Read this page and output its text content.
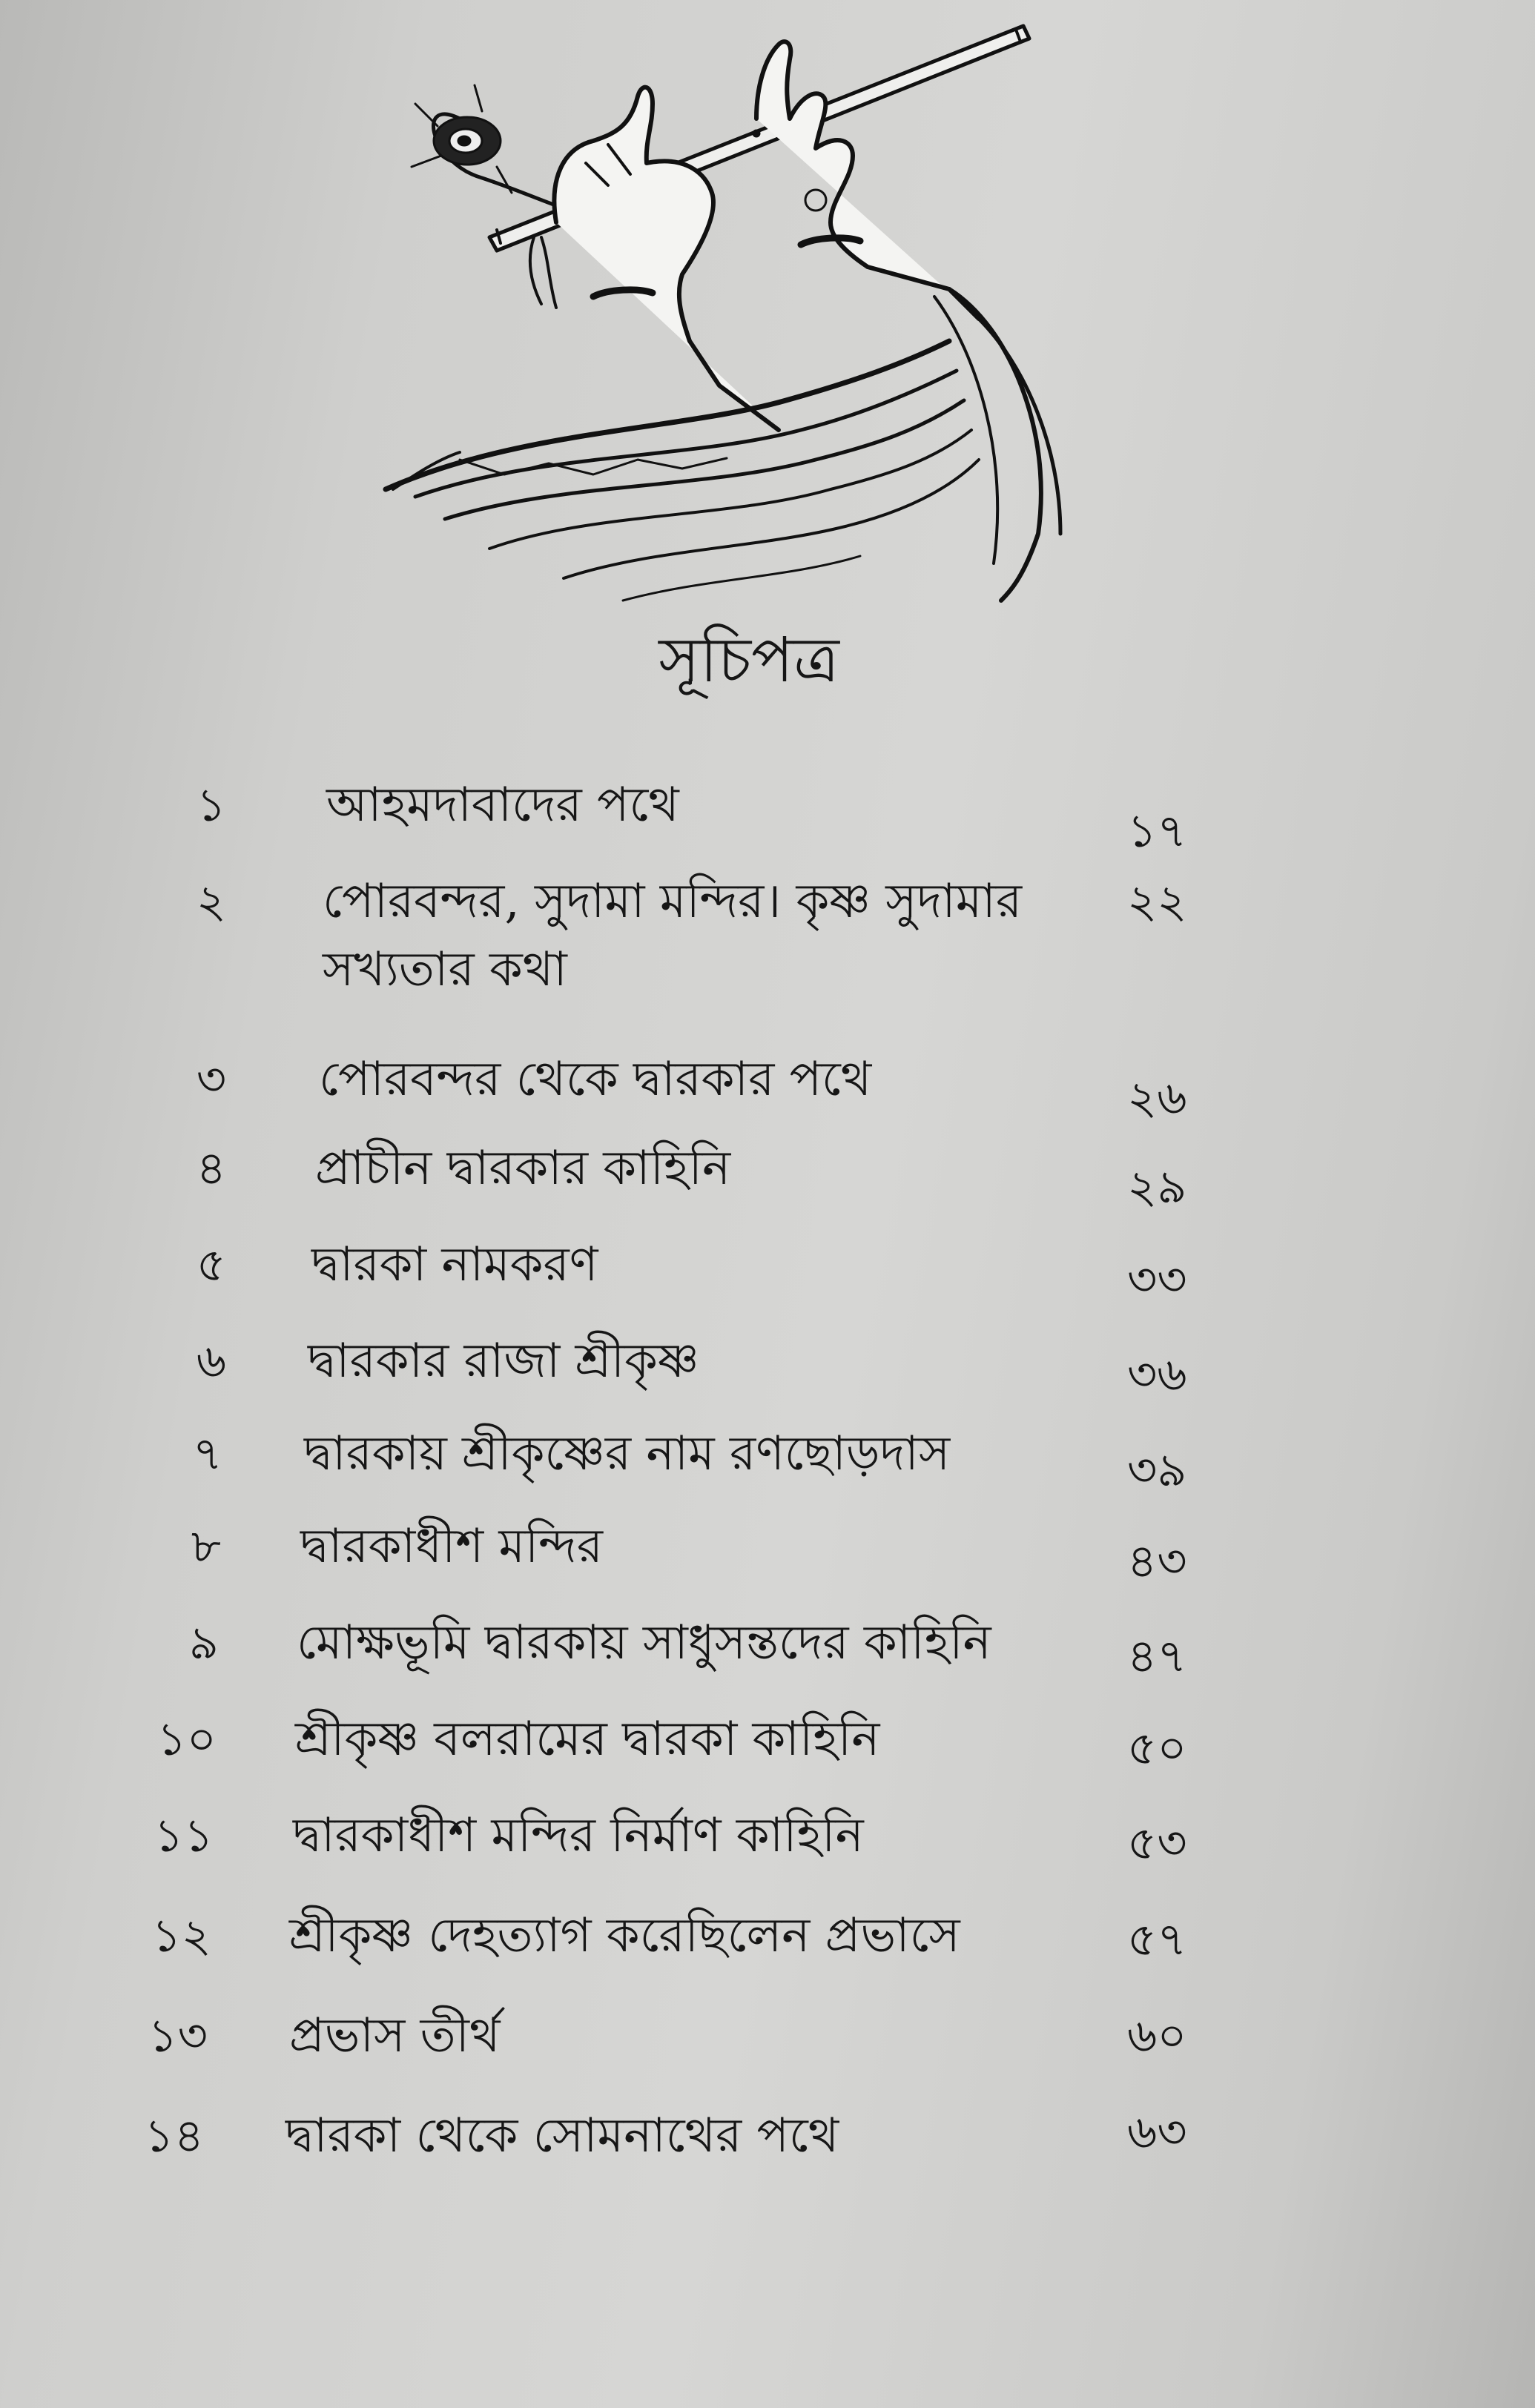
সূচিপত্র
১ আহমদাবাদের পথে	১৭
২ পোরবন্দর, সুদামা মন্দির। কৃষ্ণ সুদামার সখ্যতার কথা
২২
৩ পোরবন্দর থেকে দ্বারকার পথে	২৬
৪ প্রাচীন দ্বারকার কাহিনি	২৯
৫ দ্বারকা নামকরণ	৩৩
৬ দ্বারকার রাজা শ্রীকৃষ্ণ	৩৬
৭ দ্বারকায় শ্রীকৃষ্ণের নাম রণছোড়দাস	৩৯
৮ দ্বারকাধীশ মন্দির	৪৩
৯ মোক্ষভূমি দ্বারকায় সাধুসন্তদের কাহিনি	৪৭
১০ শ্রীকৃষ্ণ বলরামের দ্বারকা কাহিনি	৫০
১১ দ্বারকাধীশ মন্দির নির্মাণ কাহিনি	৫৩
১২ শ্রীকৃষ্ণ দেহত্যাগ করেছিলেন প্রভাসে	৫৭
১৩ প্রভাস তীর্থ	৬০
১৪ দ্বারকা থেকে সোমনাথের পথে	৬৩
